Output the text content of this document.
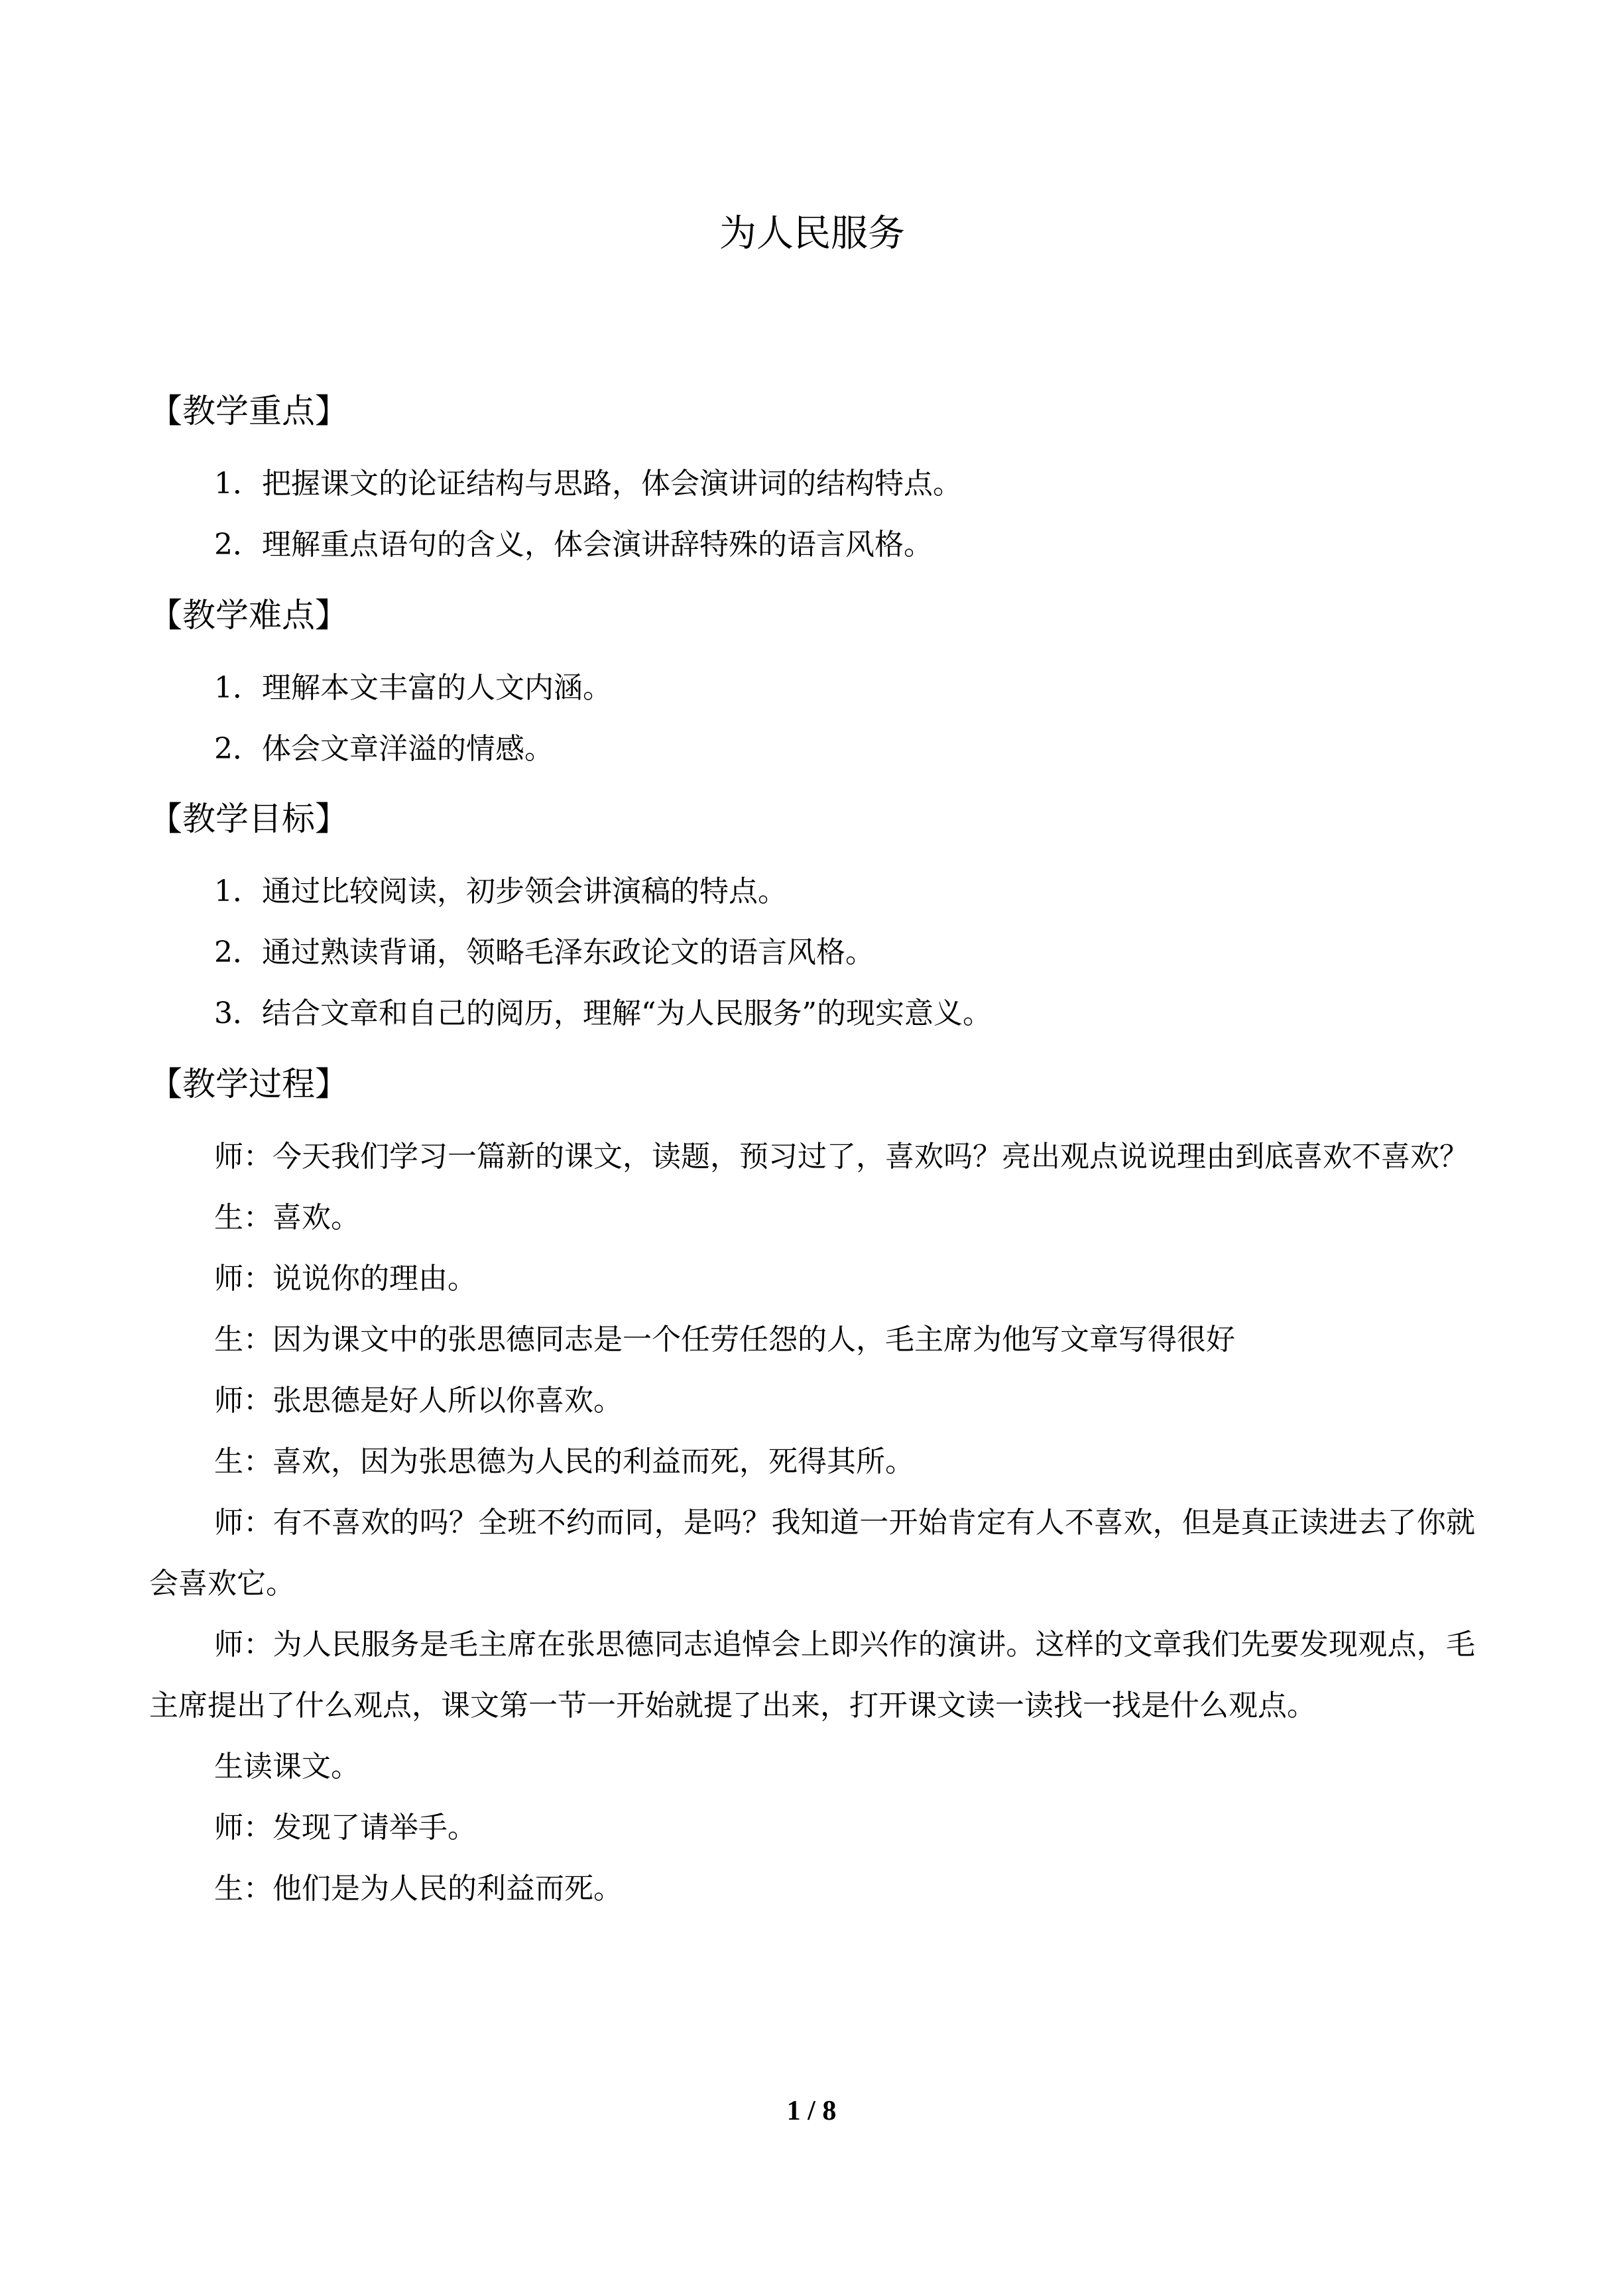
为人民服务
【教学重点】
1．把握课文的论证结构与思路，体会演讲词的结构特点。
2．理解重点语句的含义，体会演讲辞特殊的语言风格。
【教学难点】
1．理解本文丰富的人文内涵。
2．体会文章洋溢的情感。
【教学目标】
1．通过比较阅读，初步领会讲演稿的特点。
2．通过熟读背诵，领略毛泽东政论文的语言风格。
3．结合文章和自己的阅历，理解“为人民服务”的现实意义。
【教学过程】
师：今天我们学习一篇新的课文，读题，预习过了，喜欢吗？亮出观点说说理由到底喜欢不喜欢？
生：喜欢。
师：说说你的理由。
生：因为课文中的张思德同志是一个任劳任怨的人，毛主席为他写文章写得很好
师：张思德是好人所以你喜欢。
生：喜欢，因为张思德为人民的利益而死，死得其所。
师：有不喜欢的吗？全班不约而同，是吗？我知道一开始肯定有人不喜欢，但是真正读进去了你就会喜欢它。
师：为人民服务是毛主席在张思德同志追悼会上即兴作的演讲。这样的文章我们先要发现观点，毛主席提出了什么观点，课文第一节一开始就提了出来，打开课文读一读找一找是什么观点。
生读课文。
师：发现了请举手。
生：他们是为人民的利益而死。
1 / 8
